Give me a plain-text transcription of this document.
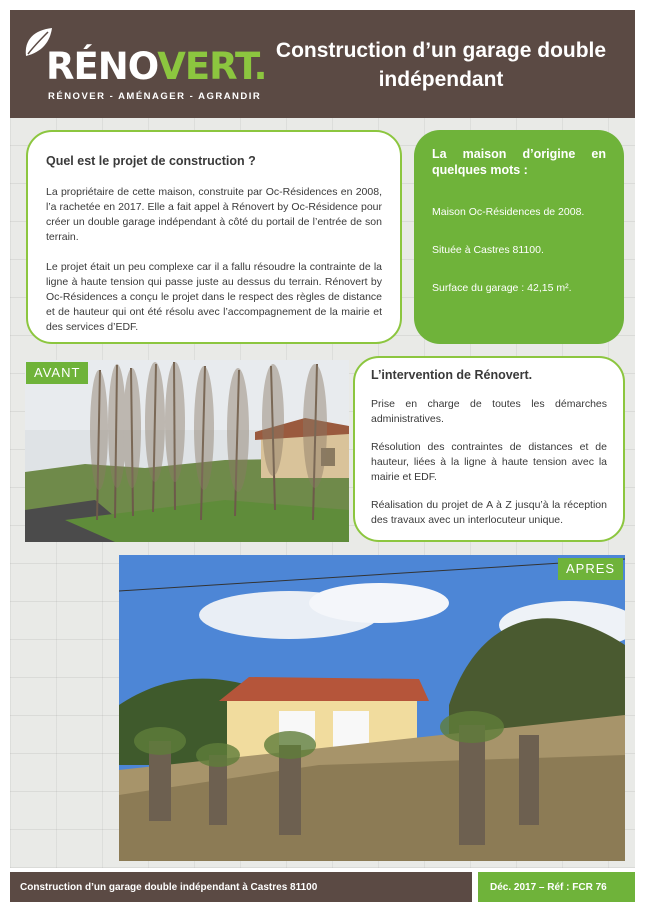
RÉNOVERT.
RÉNOVER - AMÉNAGER - AGRANDIR
Construction d’un garage double indépendant
Quel est le projet de construction ?

La propriétaire de cette maison, construite par Oc-Résidences en 2008, l’a rachetée en 2017. Elle a fait appel à Rénovert by Oc-Résidence pour créer un double garage indépendant à côté du portail de l’entrée de son terrain.

Le projet était un peu complexe car il a fallu résoudre la contrainte de la ligne à haute tension qui passe juste au dessus du terrain. Rénovert by Oc-Résidences a conçu le projet dans le respect des règles de distance et de hauteur qui ont été résolu avec l’accompagnement de la mairie et des services d’EDF.

La maison d’origine en quelques mots :

Maison Oc-Résidences de 2008.

Située à Castres 81100.

Surface du garage : 42,15 m².

AVANT	L’intervention de Rénovert.

Prise en charge de toutes les démarches administratives.

Résolution des contraintes de distances et de hauteur, liées à la ligne à haute tension avec la mairie et EDF.

Réalisation du projet de A à Z jusqu’à la réception des travaux avec un interlocuteur unique.

APRES
Construction d’un garage double indépendant à Castres 81100	Déc. 2017 – Réf : FCR 76
